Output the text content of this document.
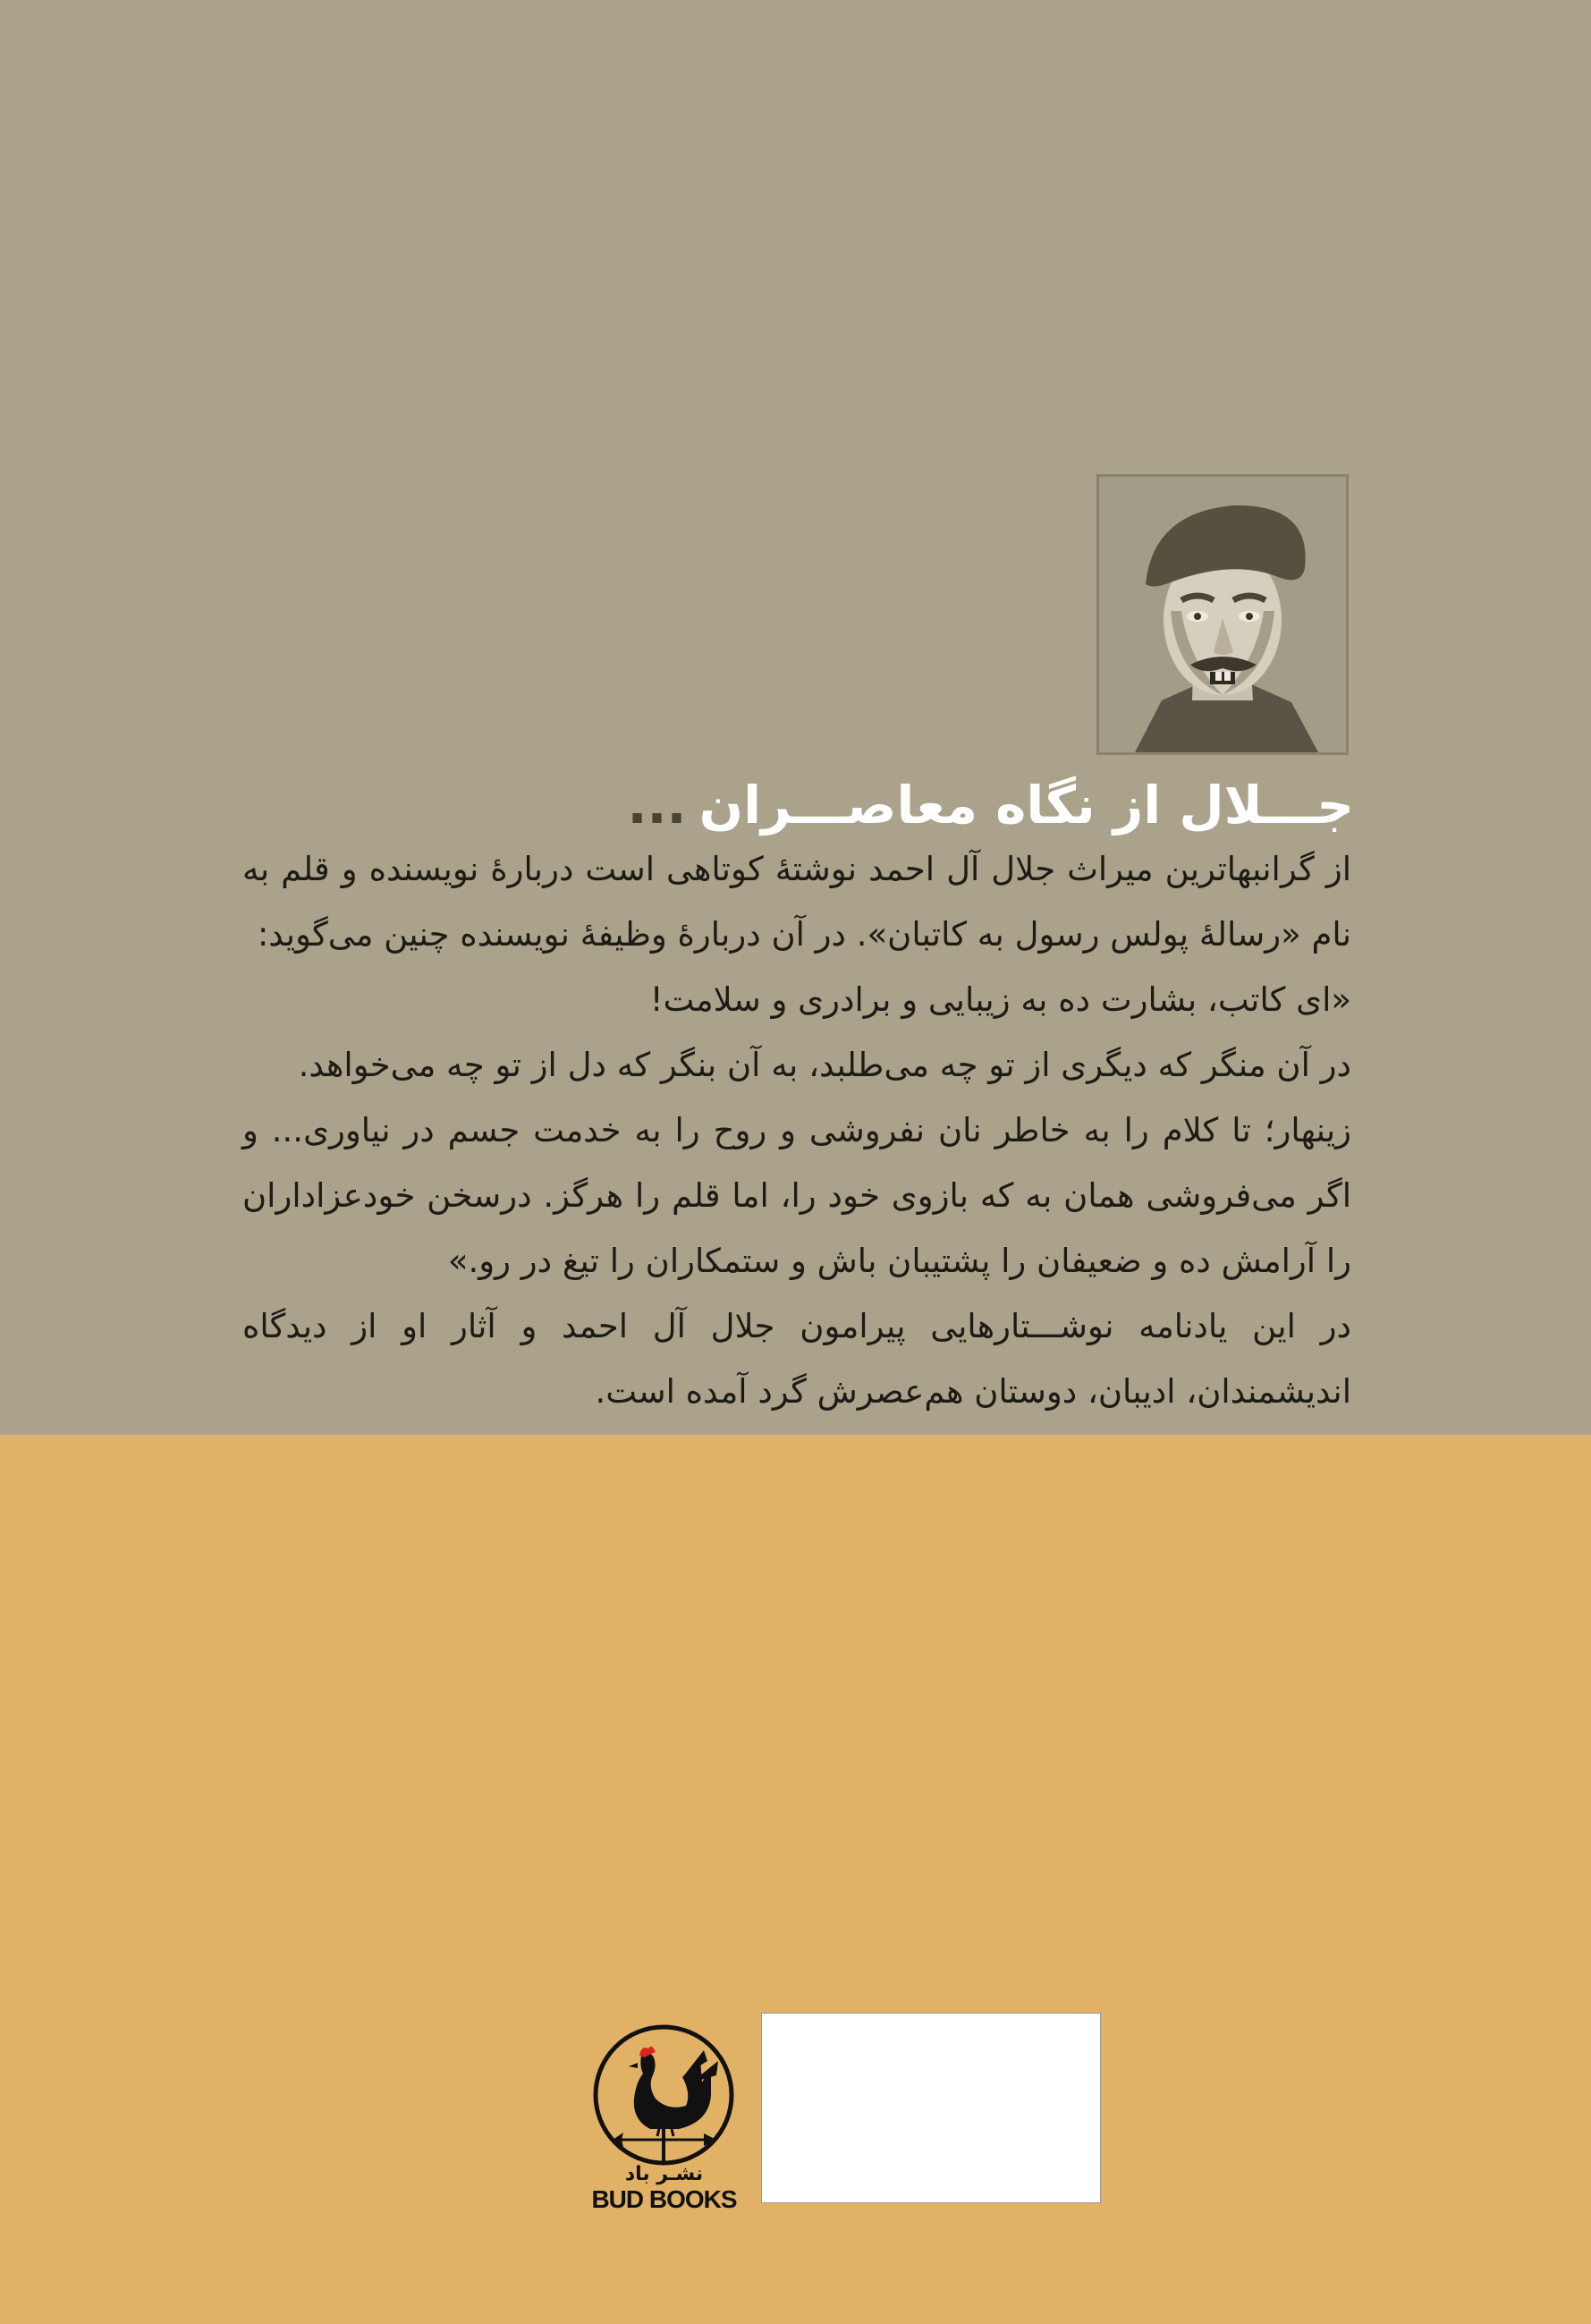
جـــلال از نگاه معاصـــران...

از گرانبهاترین میراث جلال آل احمد نوشتهٔ کوتاهی است دربارهٔ نویسنده و قلم به نام «رسالهٔ پولس رسول به کاتبان». در آن دربارهٔ وظیفهٔ نویسنده چنین می‌گوید:

«ای کاتب، بشارت ده به زیبایی و برادری و سلامت!

در آن منگر که دیگری از تو چه می‌طلبد، به آن بنگر که دل از تو چه می‌خواهد.

زینهار؛ تا کلام را به خاطر نان نفروشی و روح را به خدمت جسم در نیاوری... و اگر می‌فروشی همان به که بازوی خود را، اما قلم را هرگز. درسخن خودعزاداران را آرامش ده و ضعیفان را پشتیبان باش و ستمکاران را تیغ در رو.»

در این یادنامه نوشـــتارهایی پیرامون جلال آل احمد و آثار او از دیدگاه اندیشمندان، ادیبان، دوستان هم‌عصرش گرد آمده است.

نشـر باد
BUD BOOKS
